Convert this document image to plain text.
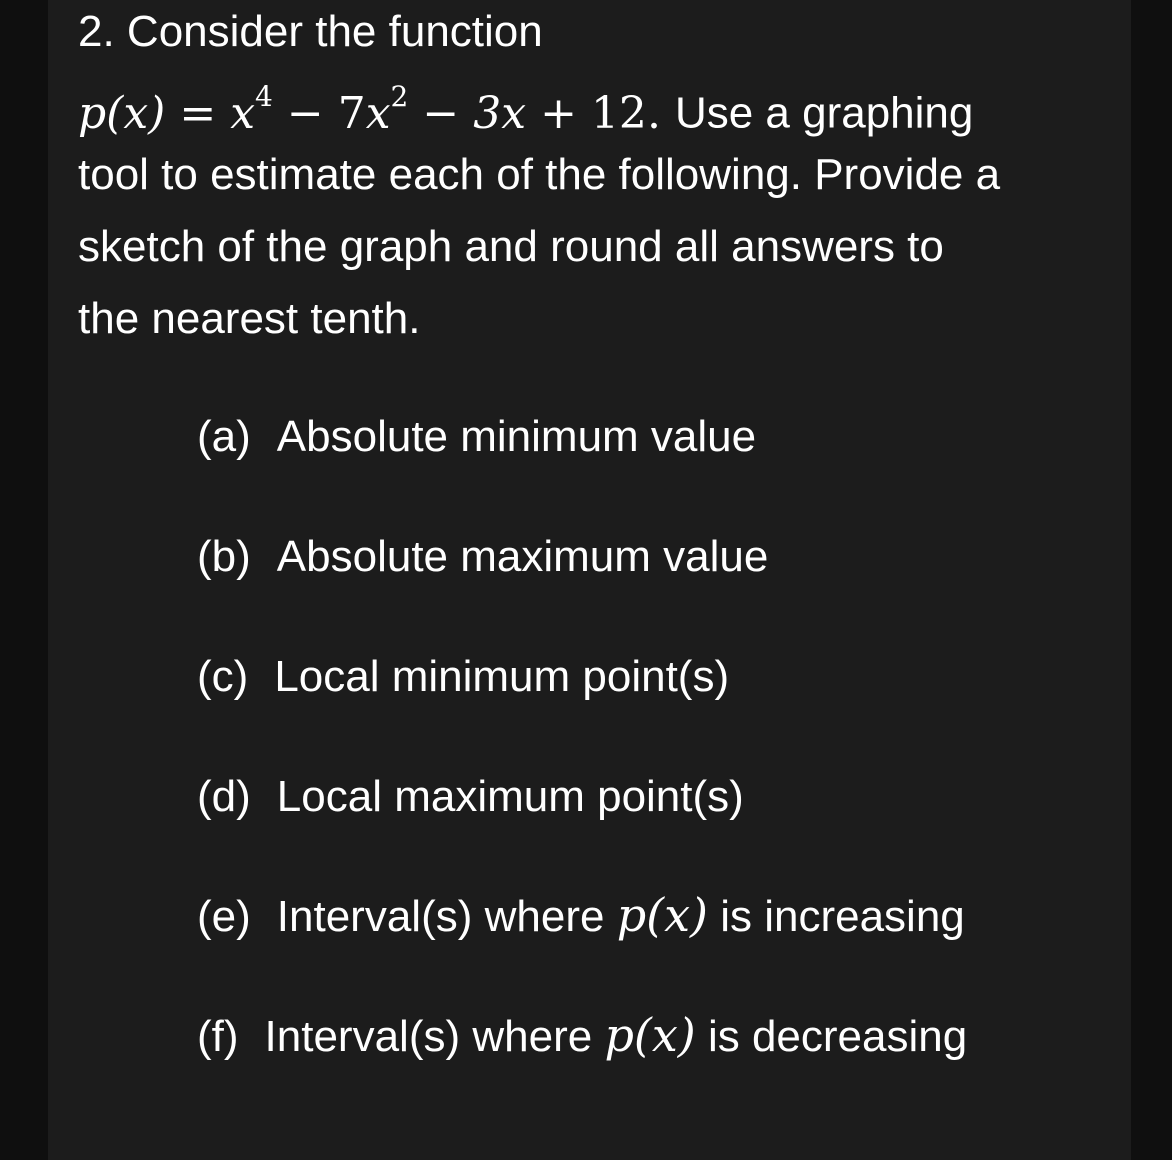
2. Consider the function
$p(x) = x^4 - 7x^2 - 3x + 12$. Use a graphing
tool to estimate each of the following. Provide a
sketch of the graph and round all answers to
the nearest tenth.
(a) Absolute minimum value
(b) Absolute maximum value
(c) Local minimum point(s)
(d) Local maximum point(s)
(e) Interval(s) where p(x) is increasing
(f) Interval(s) where p(x) is decreasing
